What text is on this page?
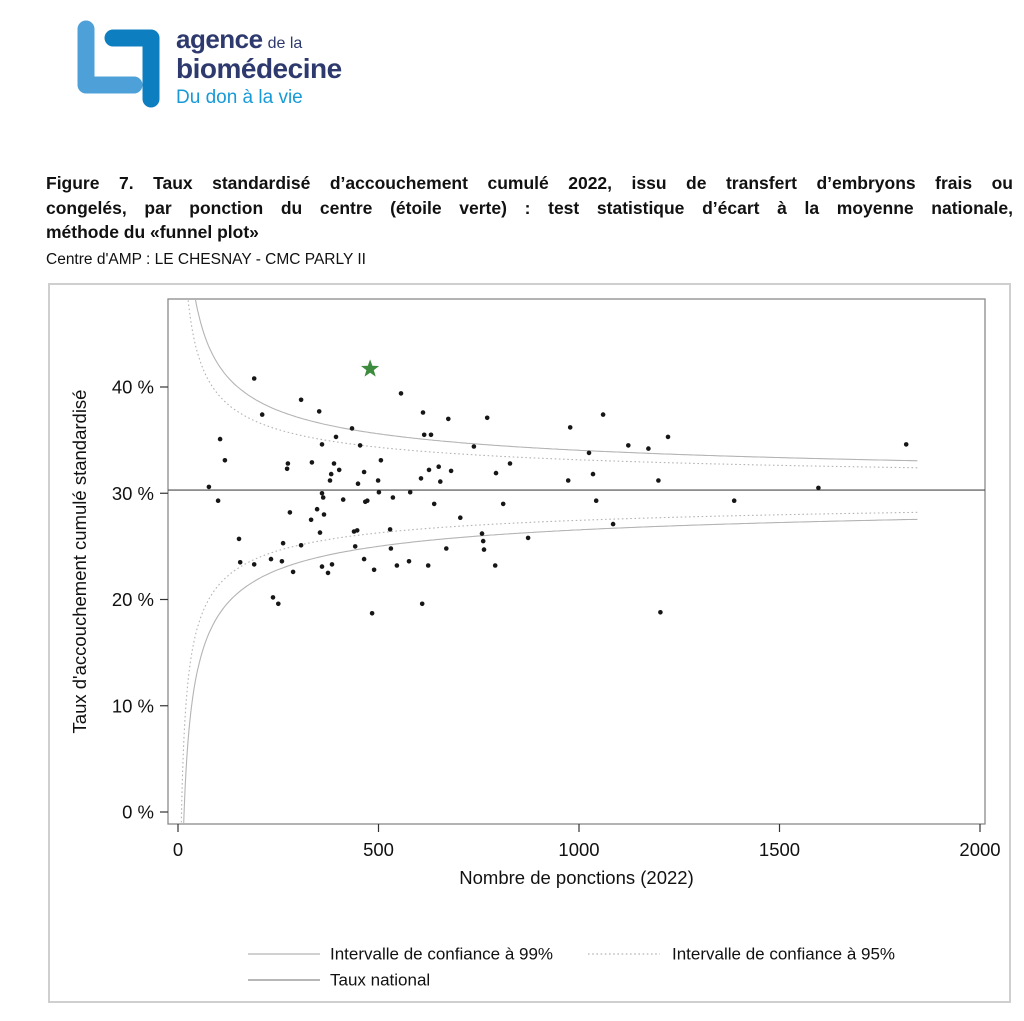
agence de la
biomédecine
Du don à la vie
Figure 7. Taux standardisé d’accouchement cumulé 2022, issu de transfert d’embryons frais ou
congelés, par ponction du centre (étoile verte) : test statistique d’écart à la moyenne nationale,
méthode du «funnel plot»
Centre d'AMP : LE CHESNAY - CMC PARLY II
0 %
10 %
20 %
30 %
40 %
0	500	1000	1500	2000
Nombre de ponctions (2022)
Taux d'accouchement cumulé standardisé
Intervalle de confiance à 99%	Intervalle de confiance à 95%
Taux national
